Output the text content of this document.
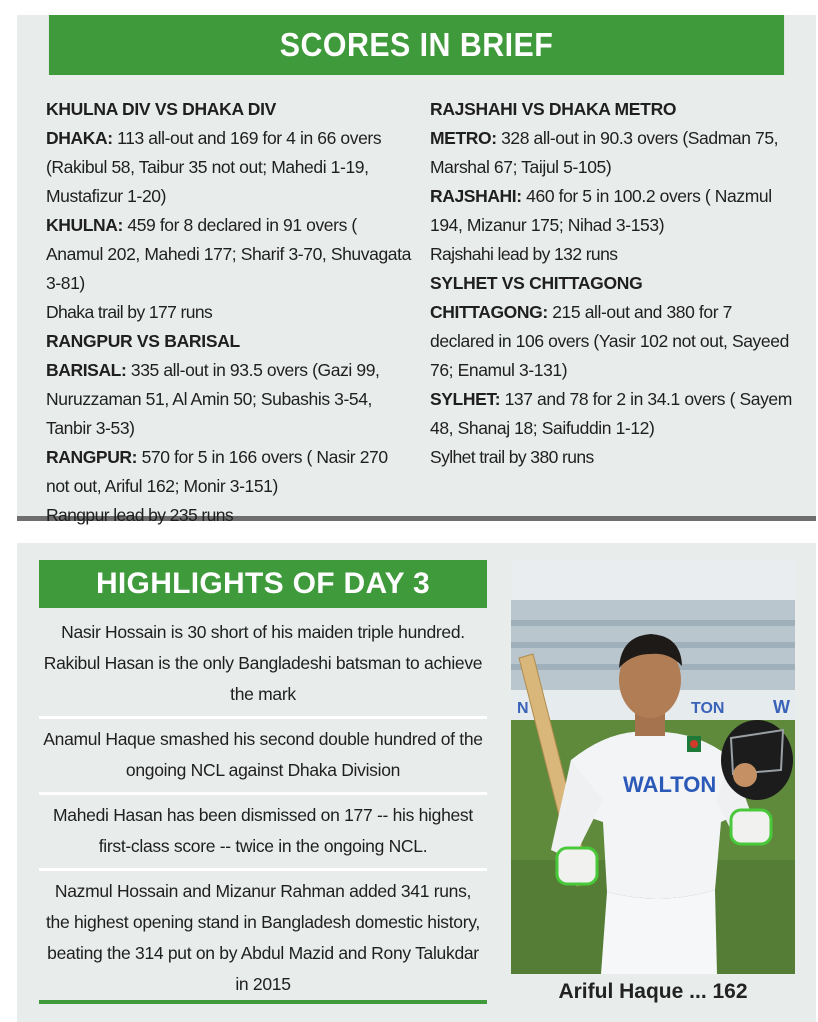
SCORES IN BRIEF

KHULNA DIV VS DHAKA DIV

DHAKA: 113 all-out and 169 for 4 in 66 overs (Rakibul 58, Taibur 35 not out; Mahedi 1-19, Mustafizur 1-20)

KHULNA: 459 for 8 declared in 91 overs ( Anamul 202, Mahedi 177; Sharif 3-70, Shuvagata 3-81)

Dhaka trail by 177 runs

RANGPUR VS BARISAL

BARISAL: 335 all-out in 93.5 overs (Gazi 99, Nuruzzaman 51, Al Amin 50; Subashis 3-54, Tanbir 3-53)

RANGPUR: 570 for 5 in 166 overs ( Nasir 270 not out, Ariful 162; Monir 3-151)

Rangpur lead by 235 runs

RAJSHAHI VS DHAKA METRO

METRO: 328 all-out in 90.3 overs (Sadman 75, Marshal 67; Taijul 5-105)

RAJSHAHI: 460 for 5 in 100.2 overs ( Nazmul 194, Mizanur 175; Nihad 3-153)

Rajshahi lead by 132 runs

SYLHET VS CHITTAGONG

CHITTAGONG: 215 all-out and 380 for 7 declared in 106 overs (Yasir 102 not out, Sayeed 76; Enamul 3-131)

SYLHET: 137 and 78 for 2 in 34.1 overs ( Sayem 48, Shanaj 18; Saifuddin 1-12)

Sylhet trail by 380 runs

HIGHLIGHTS OF DAY 3
Nasir Hossain is 30 short of his maiden triple hundred. Rakibul Hasan is the only Bangladeshi batsman to achieve the mark
Anamul Haque smashed his second double hundred of the ongoing NCL against Dhaka Division
Mahedi Hasan has been dismissed on 177 -- his highest first-class score -- twice in the ongoing NCL.
Nazmul Hossain and Mizanur Rahman added 341 runs, the highest opening stand in Bangladesh domestic history, beating the 314 put on by Abdul Mazid and Rony Talukdar in 2015
N	TON	W
WALTON
Ariful Haque ... 162
